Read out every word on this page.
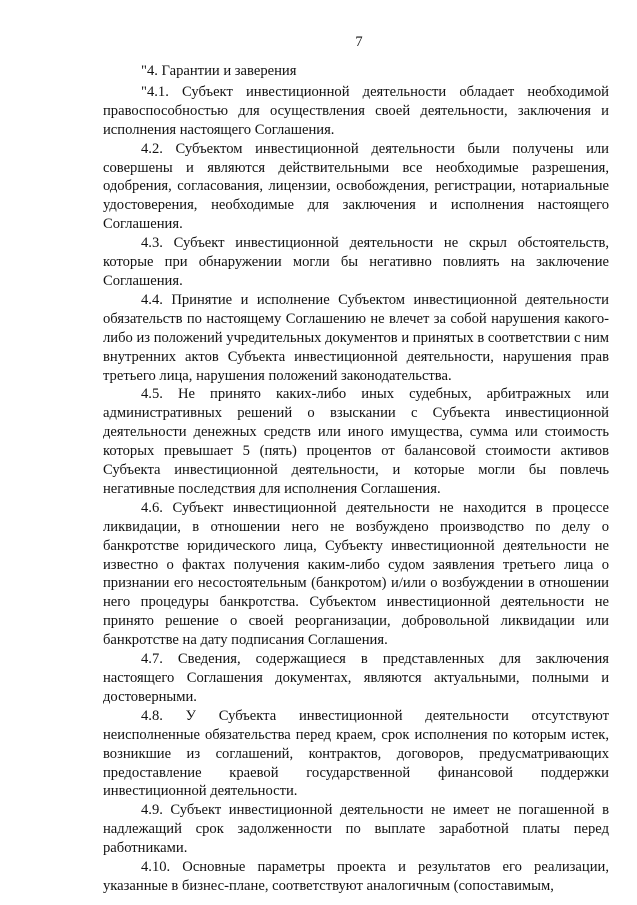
7

"4. Гарантии и заверения

"4.1. Субъект инвестиционной деятельности обладает необходимой правоспособностью для осуществления своей деятельности, заключения и исполнения настоящего Соглашения.

4.2. Субъектом инвестиционной деятельности были получены или совершены и являются действительными все необходимые разрешения, одобрения, согласования, лицензии, освобождения, регистрации, нотариальные удостоверения, необходимые для заключения и исполнения настоящего Соглашения.

4.3. Субъект инвестиционной деятельности не скрыл обстоятельств, которые при обнаружении могли бы негативно повлиять на заключение Соглашения.

4.4. Принятие и исполнение Субъектом инвестиционной деятельности обязательств по настоящему Соглашению не влечет за собой нарушения какого-либо из положений учредительных документов и принятых в соответствии с ним внутренних актов Субъекта инвестиционной деятельности, нарушения прав третьего лица, нарушения положений законодательства.

4.5. Не принято каких-либо иных судебных, арбитражных или административных решений о взыскании с Субъекта инвестиционной деятельности денежных средств или иного имущества, сумма или стоимость которых превышает 5 (пять) процентов от балансовой стоимости активов Субъекта инвестиционной деятельности, и которые могли бы повлечь негативные последствия для исполнения Соглашения.

4.6. Субъект инвестиционной деятельности не находится в процессе ликвидации, в отношении него не возбуждено производство по делу о банкротстве юридического лица, Субъекту инвестиционной деятельности не известно о фактах получения каким-либо судом заявления третьего лица о признании его несостоятельным (банкротом) и/или о возбуждении в отношении него процедуры банкротства. Субъектом инвестиционной деятельности не принято решение о своей реорганизации, добровольной ликвидации или банкротстве на дату подписания Соглашения.

4.7. Сведения, содержащиеся в представленных для заключения настоящего Соглашения документах, являются актуальными, полными и достоверными.

4.8. У Субъекта инвестиционной деятельности отсутствуют неисполненные обязательства перед краем, срок исполнения по которым истек, возникшие из соглашений, контрактов, договоров, предусматривающих предоставление краевой государственной финансовой поддержки инвестиционной деятельности.

4.9. Субъект инвестиционной деятельности не имеет не погашенной в надлежащий срок задолженности по выплате заработной платы перед работниками.

4.10. Основные параметры проекта и результатов его реализации, указанные в бизнес-плане, соответствуют аналогичным (сопоставимым,
